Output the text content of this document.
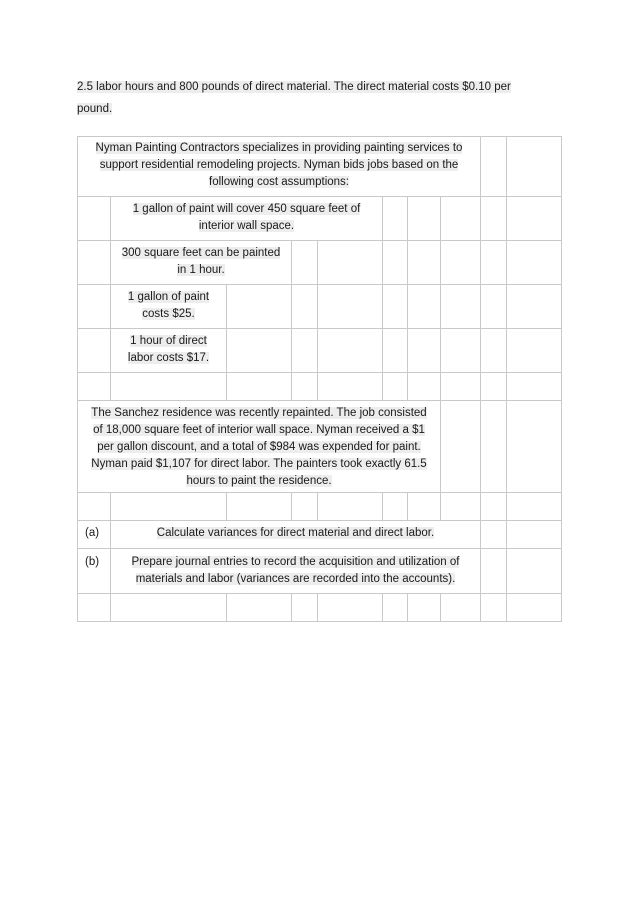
2.5 labor hours and 800 pounds of direct material. The direct material costs $0.10 per
pound.
Nyman Painting Contractors specializes in providing painting services to
support residential remodeling projects. Nyman bids jobs based on the
following cost assumptions:
1 gallon of paint will cover 450 square feet of
interior wall space.
300 square feet can be painted
in 1 hour.
1 gallon of paint
costs $25.
1 hour of direct
labor costs $17.
The Sanchez residence was recently repainted. The job consisted
of 18,000 square feet of interior wall space. Nyman received a $1
per gallon discount, and a total of $984 was expended for paint.
Nyman paid $1,107 for direct labor. The painters took exactly 61.5
hours to paint the residence.
(a)	Calculate variances for direct material and direct labor.
(b)	Prepare journal entries to record the acquisition and utilization of
materials and labor (variances are recorded into the accounts).
